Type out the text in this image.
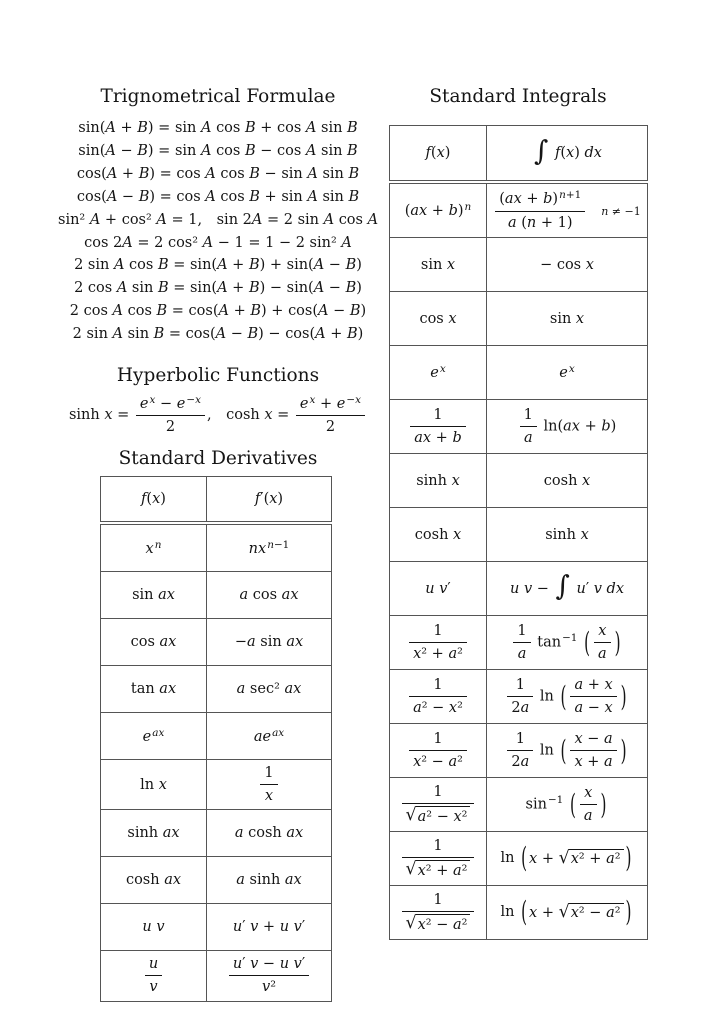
Trignometrical Formulae
sin(A + B) = sin A cos B + cos A sin B
sin(A − B) = sin A cos B − cos A sin B
cos(A + B) = cos A cos B − sin A sin B
cos(A − B) = cos A cos B + sin A sin B
sin² A + cos² A = 1, sin 2A = 2 sin A cos A
cos 2A = 2 cos² A − 1 = 1 − 2 sin² A
2 sin A cos B = sin(A + B) + sin(A − B)
2 cos A sin B = sin(A + B) − sin(A − B)
2 cos A cos B = cos(A + B) + cos(A − B)
2 sin A sin B = cos(A − B) − cos(A + B)
Hyperbolic Functions
$\sinh x = \frac{e^x - e^{-x}}{2}$ , $\cosh x = \frac{e^x + e^{-x}}{2}$
Standard Derivatives
f(x)	f′(x)
$x^n$	$nx^{n-1}$
sin ax	a cos ax
cos ax	−a sin ax
tan ax	a sec² ax
$e^{ax}$	$ae^{ax}$
ln x	$\frac{1}{x}$

sinh ax	a cosh ax
cosh ax	a sinh ax
u v	u′ v + u v′

$\frac{u}{v}$	$\frac{\text{u′ v − u v′}}{\text{v²}}$
Standard Integrals
f(x)	∫ f(x) dx
(ax + b)$^n$	$\frac{(ax + b)^{n+1}}{a (n + 1)}$ n ≠ −1
sin x	− cos x
cos x	sin x
$e^x$	$e^x$

$\frac{1}{ax + b}$	$\frac{1}{a} \ln(ax + b)$
sinh x	cosh x
cosh x	sinh x
u v′	u v − ∫ u′ v dx

$\frac{1}{\text{x² + a²}}$	$\frac{1}{a} \tan^{-1}$ ( $\frac{x}{a}$ )

$\frac{1}{\text{a² − x²}}$	$\frac{1}{2a}$ ln ( $\frac{a + x}{a - x}$ )

$\frac{1}{\text{x² − a²}}$	$\frac{1}{2a}$ ln ( $\frac{x - a}{x + a}$ )

$\frac{1}{\text{√ a² − x²}}$	$\sin^{-1}$ ( $\frac{x}{a}$ )

$\frac{1}{\text{√ x² + a²}}$	ln ( x + √ x² + a² )

$\frac{1}{\text{√ x² − a²}}$	ln ( x + √ x² − a² )
